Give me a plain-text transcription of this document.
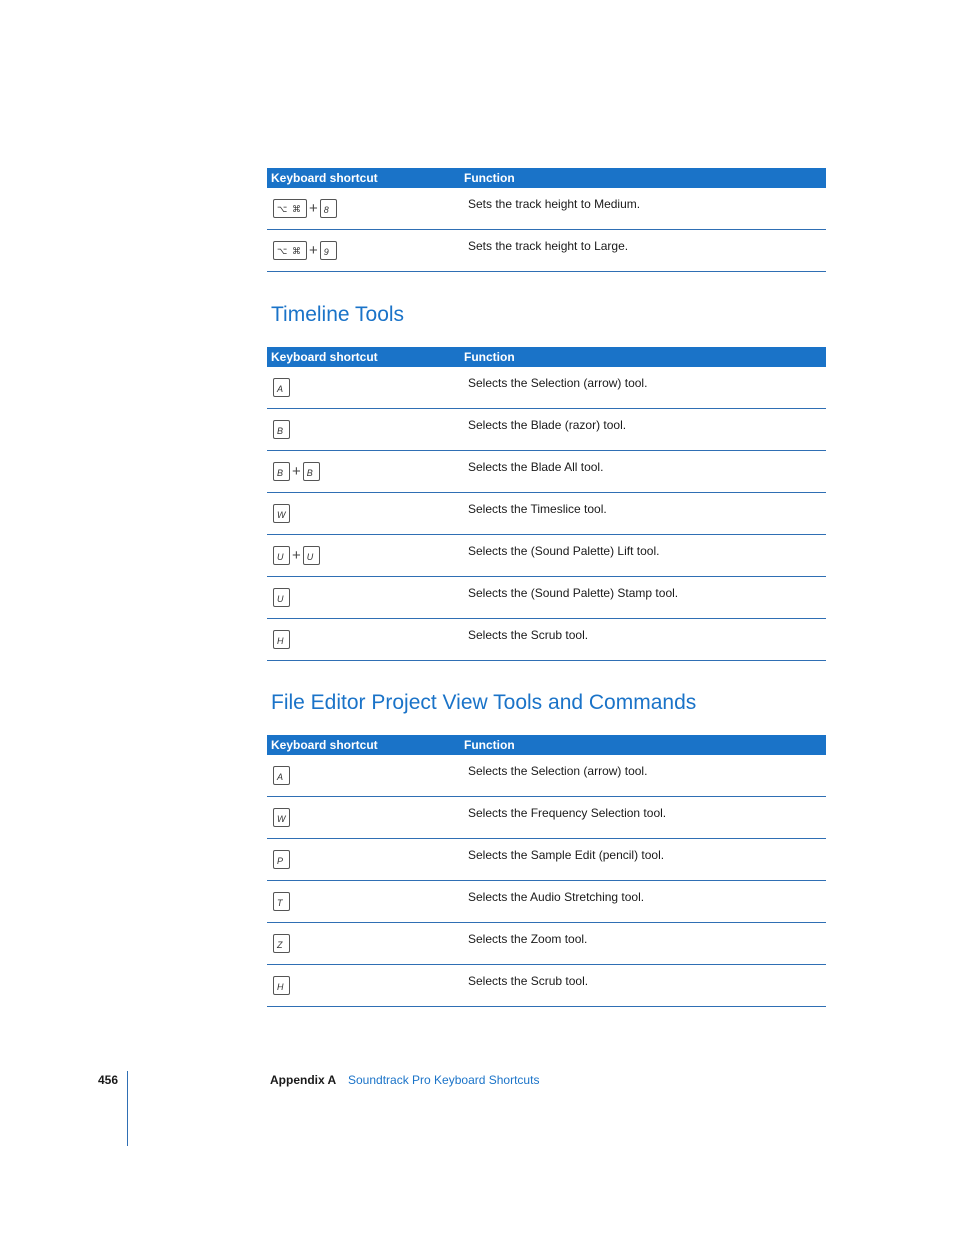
Keyboard shortcut	Function
⌥ ⌘ + 8	Sets the track height to Medium.
⌥ ⌘ + 9	Sets the track height to Large.
Timeline Tools
Keyboard shortcut	Function
A	Selects the Selection (arrow) tool.
B	Selects the Blade (razor) tool.
B + B	Selects the Blade All tool.
W	Selects the Timeslice tool.
U + U	Selects the (Sound Palette) Lift tool.
U	Selects the (Sound Palette) Stamp tool.
H	Selects the Scrub tool.
File Editor Project View Tools and Commands
Keyboard shortcut	Function
A	Selects the Selection (arrow) tool.
W	Selects the Frequency Selection tool.
P	Selects the Sample Edit (pencil) tool.
T	Selects the Audio Stretching tool.
Z	Selects the Zoom tool.
H	Selects the Scrub tool.
456	Appendix A Soundtrack Pro Keyboard Shortcuts
